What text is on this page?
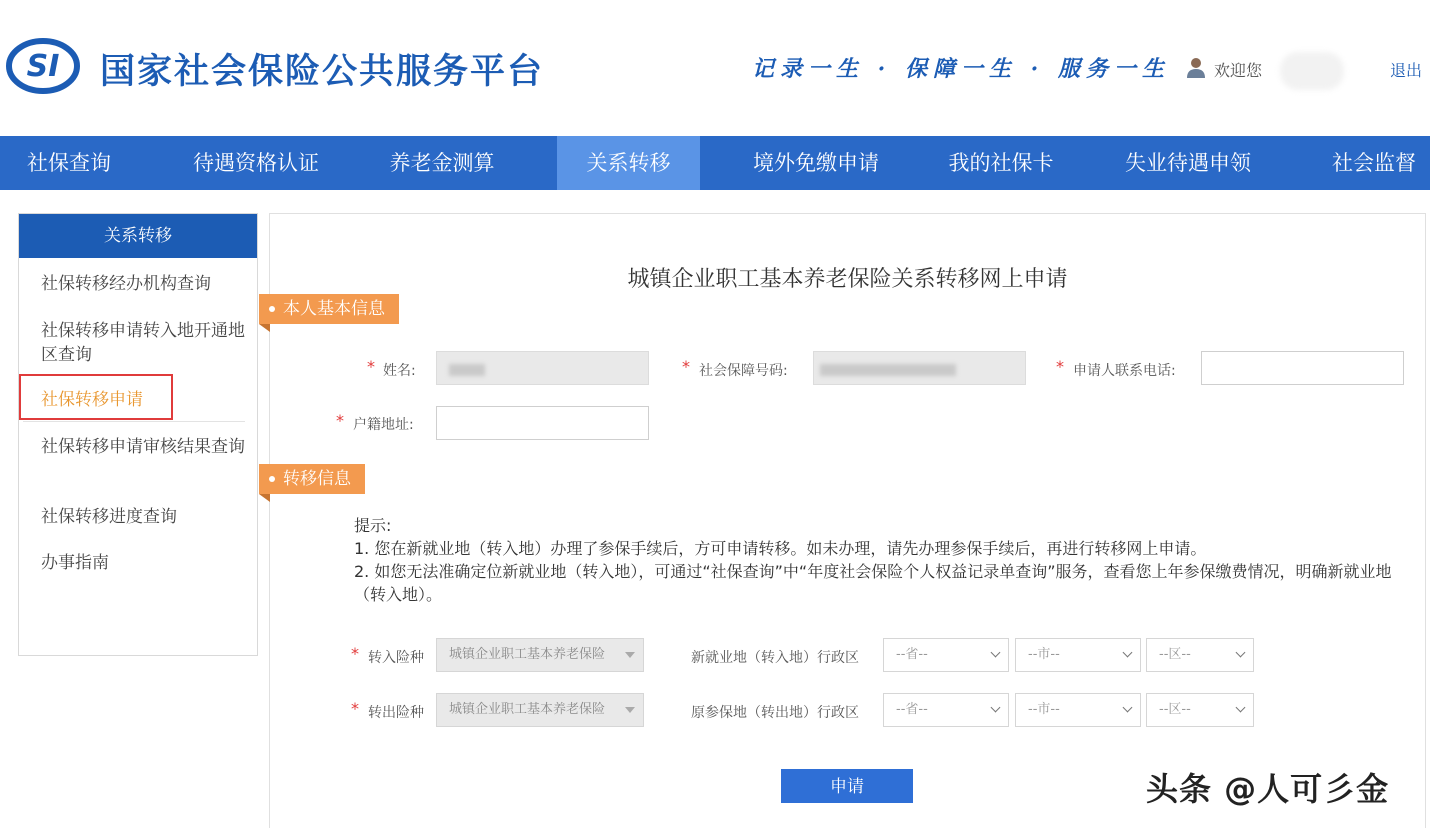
SI 国家社会保险公共服务平台	记录一生 · 保障一生 · 服务一生	欢迎您	退出
社保查询	待遇资格认证	养老金测算	关系转移	境外免缴申请	我的社保卡	失业待遇申领	社会监督
关系转移
社保转移经办机构查询
社保转移申请转入地开通地区查询
社保转移申请
社保转移申请审核结果查询
社保转移进度查询
办事指南
城镇企业职工基本养老保险关系转移网上申请
本人基本信息
* 姓名:	* 社会保障号码:	* 申请人联系电话:
* 户籍地址:
转移信息
提示:
1. 您在新就业地（转入地）办理了参保手续后，方可申请转移。如未办理，请先办理参保手续后，再进行转移网上申请。
2. 如您无法准确定位新就业地（转入地），可通过“社保查询”中“年度社会保险个人权益记录单查询”服务，查看您上年参保缴费情况，明确新就业地（转入地）。
* 转入险种	城镇企业职工基本养老保险	新就业地（转入地）行政区	--省--	--市--	--区--
* 转出险种	城镇企业职工基本养老保险	原参保地（转出地）行政区	--省--	--市--	--区--
申请	头条 @人可彡金
